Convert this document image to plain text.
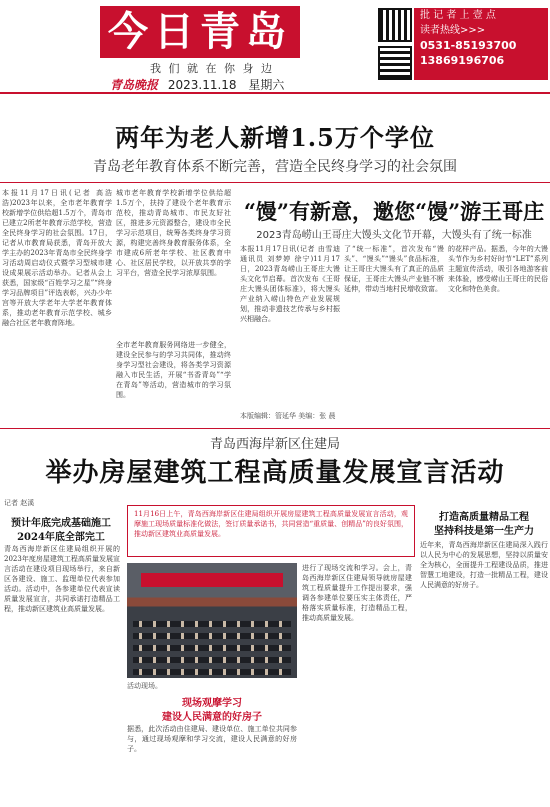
今日青岛
我 们 就 在 你 身 边
青岛晚报 2023.11.18 星期六
批 记 者 上 壹 点
读者热线>>>
0531-85193700
13869196706
两年为老人新增1.5万个学位
青岛老年教育体系不断完善，营造全民终身学习的社会氛围
本报11月17日讯(记者 高浩 浩)2023年以来，全市老年教育学校新增学位供给超1.5万个，青岛市已建立2所老年教育示范学校，营造全民终身学习的社会氛围。17日，记者从市教育局获悉，青岛开放大学主办的2023年青岛市全民终身学习活动周启动仪式暨学习型城市建设成果展示活动举办。记者从会上获悉，国家级“百姓学习之星”“终身学习品牌项目”评选表彰，兴办少年宫等开放大学老年大学老年教育体系，推动老年教育示范学校、城乡融合社区老年教育阵地。
城市老年教育学校新增学位供给超1.5万个，扶持了建设个老年教育示范校，推动青岛城市、市民友好社区，推进多元资源整合，建设市全民学习示范项目，统筹各类终身学习资源，构建完善终身教育服务体系，全市建成6所老年学校、社区教育中心、社区居民学校，以开放共享的学习平台，营造全民学习浓厚氛围。
全市老年教育服务网络进一步健全，建设全民参与的学习共同体，推动终身学习型社会建设，将各类学习资源融入市民生活，开展“书香青岛”“学在青岛”等活动，营造城市的学习氛围。
“馒”有新意，邀您“馒”游王哥庄
2023青岛崂山王哥庄大馒头文化节开幕，大馒头有了统一标准
本报11月17日讯(记者 由雪迪 通讯员 刘梦婷 徐宁)11月17日，2023青岛崂山王哥庄大馒头文化节启幕。首次发布《王哥庄大馒头团体标准》，将大馒头产业纳入崂山特色产业发展规划，推动非遗技艺传承与乡村振兴相融合。
了“统一标准”，首次发布“馒头”、“馒头”“馒头”食品标准，让王哥庄大馒头有了真正的品质保证，王哥庄大馒头产业链不断延伸，带动当地村民增收致富。
的花样产品。据悉，今年的大馒头节作为乡村好时节“LET”系列主题宣传活动，吸引各地游客前来体验，感受崂山王哥庄的民俗文化和特色美食。
本版编辑：管延华 美编：张 晨
青岛西海岸新区住建局
举办房屋建筑工程高质量发展宣言活动
记者 赵溪
预计年底完成基础施工
2024年底全部完工
青岛西海岸新区住建局组织开展的2023年度房屋建筑工程高质量发展宣言活动在建设项目现场举行，来自新区各建设、施工、监理单位代表参加活动。活动中，各参建单位代表宣读质量发展宣言，共同承诺打造精品工程，推动新区建筑业高质量发展。
11月16日上午，青岛西海岸新区住建局组织开展房屋建筑工程高质量发展宣言活动，观摩施工现场质量标准化做法，签订质量承诺书，共同营造“重质量、创精品”的良好氛围，推动新区建筑业高质量发展。
活动现场。
现场观摩学习
建设人民满意的好房子
据悉，此次活动由住建局、建设单位、施工单位共同参与，通过现场观摩和学习交流，建设人民满意的好房子。
进行了现场交流和学习。会上，青岛西海岸新区住建局领导就房屋建筑工程质量提升工作提出要求，强调各参建单位要压实主体责任，严格落实质量标准，打造精品工程，推动高质量发展。
打造高质量精品工程
坚持科技是第一生产力
近年来，青岛西海岸新区住建局深入践行以人民为中心的发展思想，坚持以质量安全为核心，全面提升工程建设品质，推进智慧工地建设，打造一批精品工程，建设人民满意的好房子。
